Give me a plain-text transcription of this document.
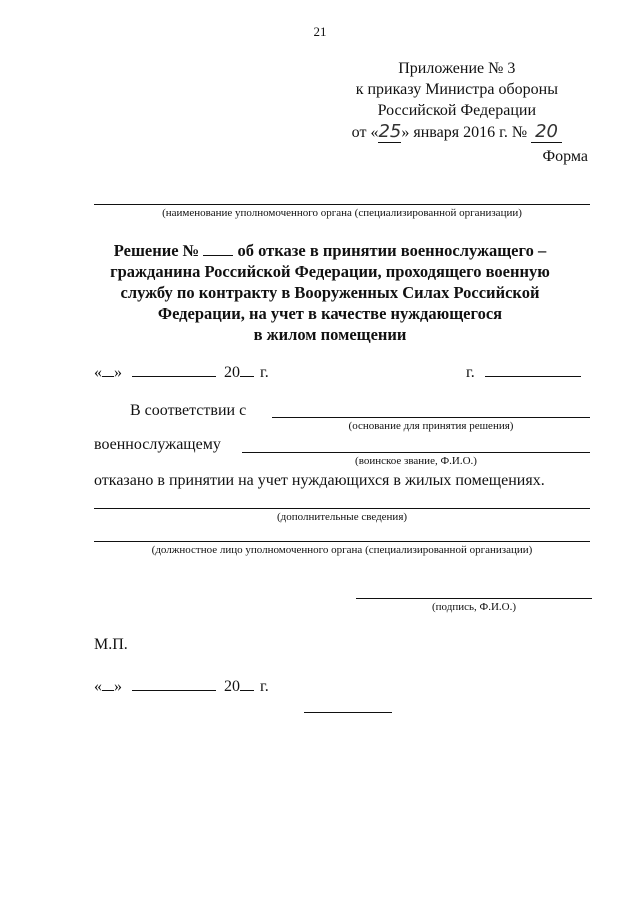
21
Приложение № 3
к приказу Министра обороны
Российской Федерации
от «25» января 2016 г. № 20
Форма
(наименование уполномоченного органа (специализированной организации)
Решение № об отказе в принятии военнослужащего –
гражданина Российской Федерации, проходящего военную
службу по контракту в Вооруженных Силах Российской
Федерации, на учет в качестве нуждающегося
в жилом помещении
« »	20 г.	г.
В соответствии с
(основание для принятия решения)
военнослужащему
(воинское звание, Ф.И.О.)
отказано в принятии на учет нуждающихся в жилых помещениях.
(дополнительные сведения)
(должностное лицо уполномоченного органа (специализированной организации)
(подпись, Ф.И.О.)
М.П.
« »	20 г.
